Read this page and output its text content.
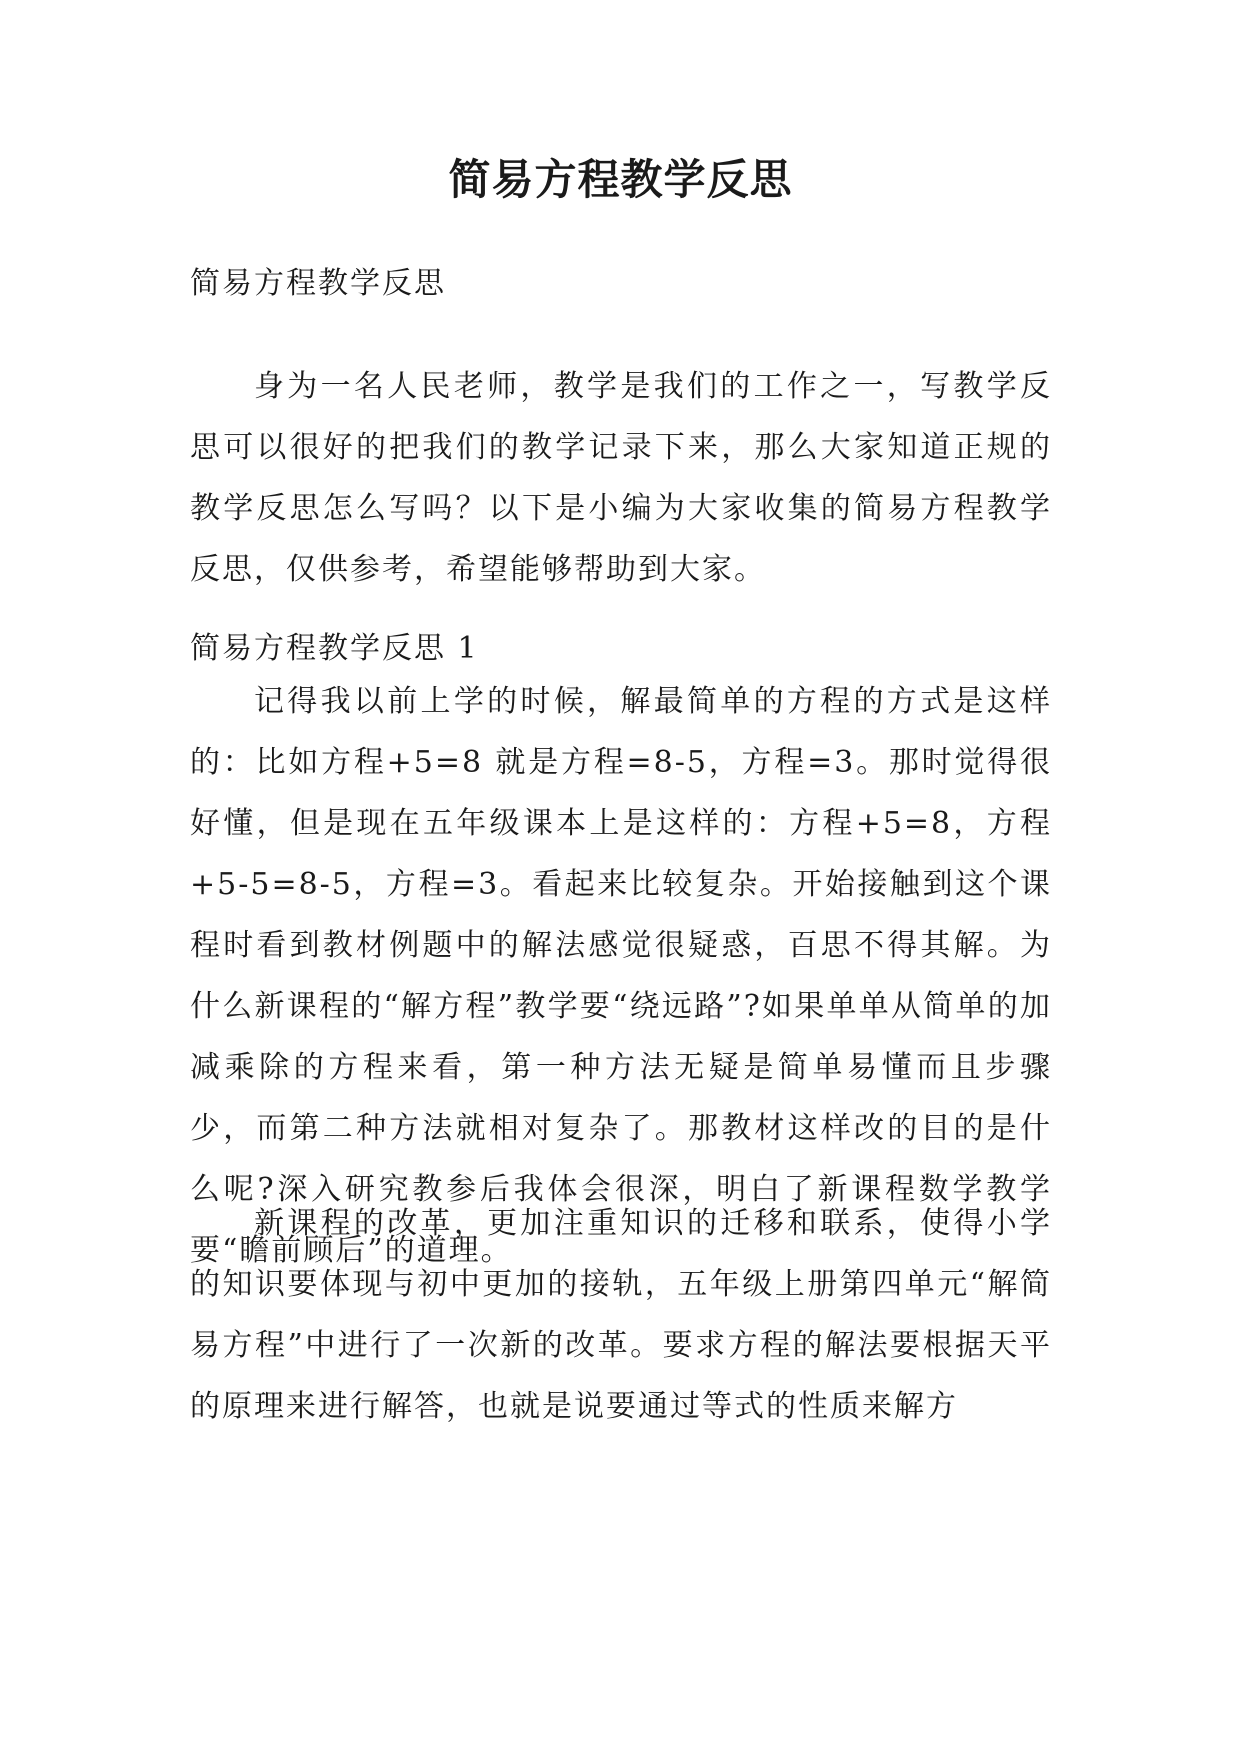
简易方程教学反思

简易方程教学反思

身为一名人民老师，教学是我们的工作之一，写教学反思可以很好的把我们的教学记录下来，那么大家知道正规的教学反思怎么写吗？以下是小编为大家收集的简易方程教学反思，仅供参考，希望能够帮助到大家。

简易方程教学反思 1

记得我以前上学的时候，解最简单的方程的方式是这样的：比如方程+5=8 就是方程=8-5，方程=3。那时觉得很好懂，但是现在五年级课本上是这样的：方程+5=8，方程+5-5=8-5，方程=3。看起来比较复杂。开始接触到这个课程时看到教材例题中的解法感觉很疑惑，百思不得其解。为什么新课程的“解方程”教学要“绕远路”?如果单单从简单的加减乘除的方程来看，第一种方法无疑是简单易懂而且步骤少，而第二种方法就相对复杂了。那教材这样改的目的是什么呢?深入研究教参后我体会很深，明白了新课程数学教学要“瞻前顾后”的道理。

新课程的改革，更加注重知识的迁移和联系，使得小学的知识要体现与初中更加的接轨，五年级上册第四单元“解简易方程”中进行了一次新的改革。要求方程的解法要根据天平的原理来进行解答，也就是说要通过等式的性质来解方
